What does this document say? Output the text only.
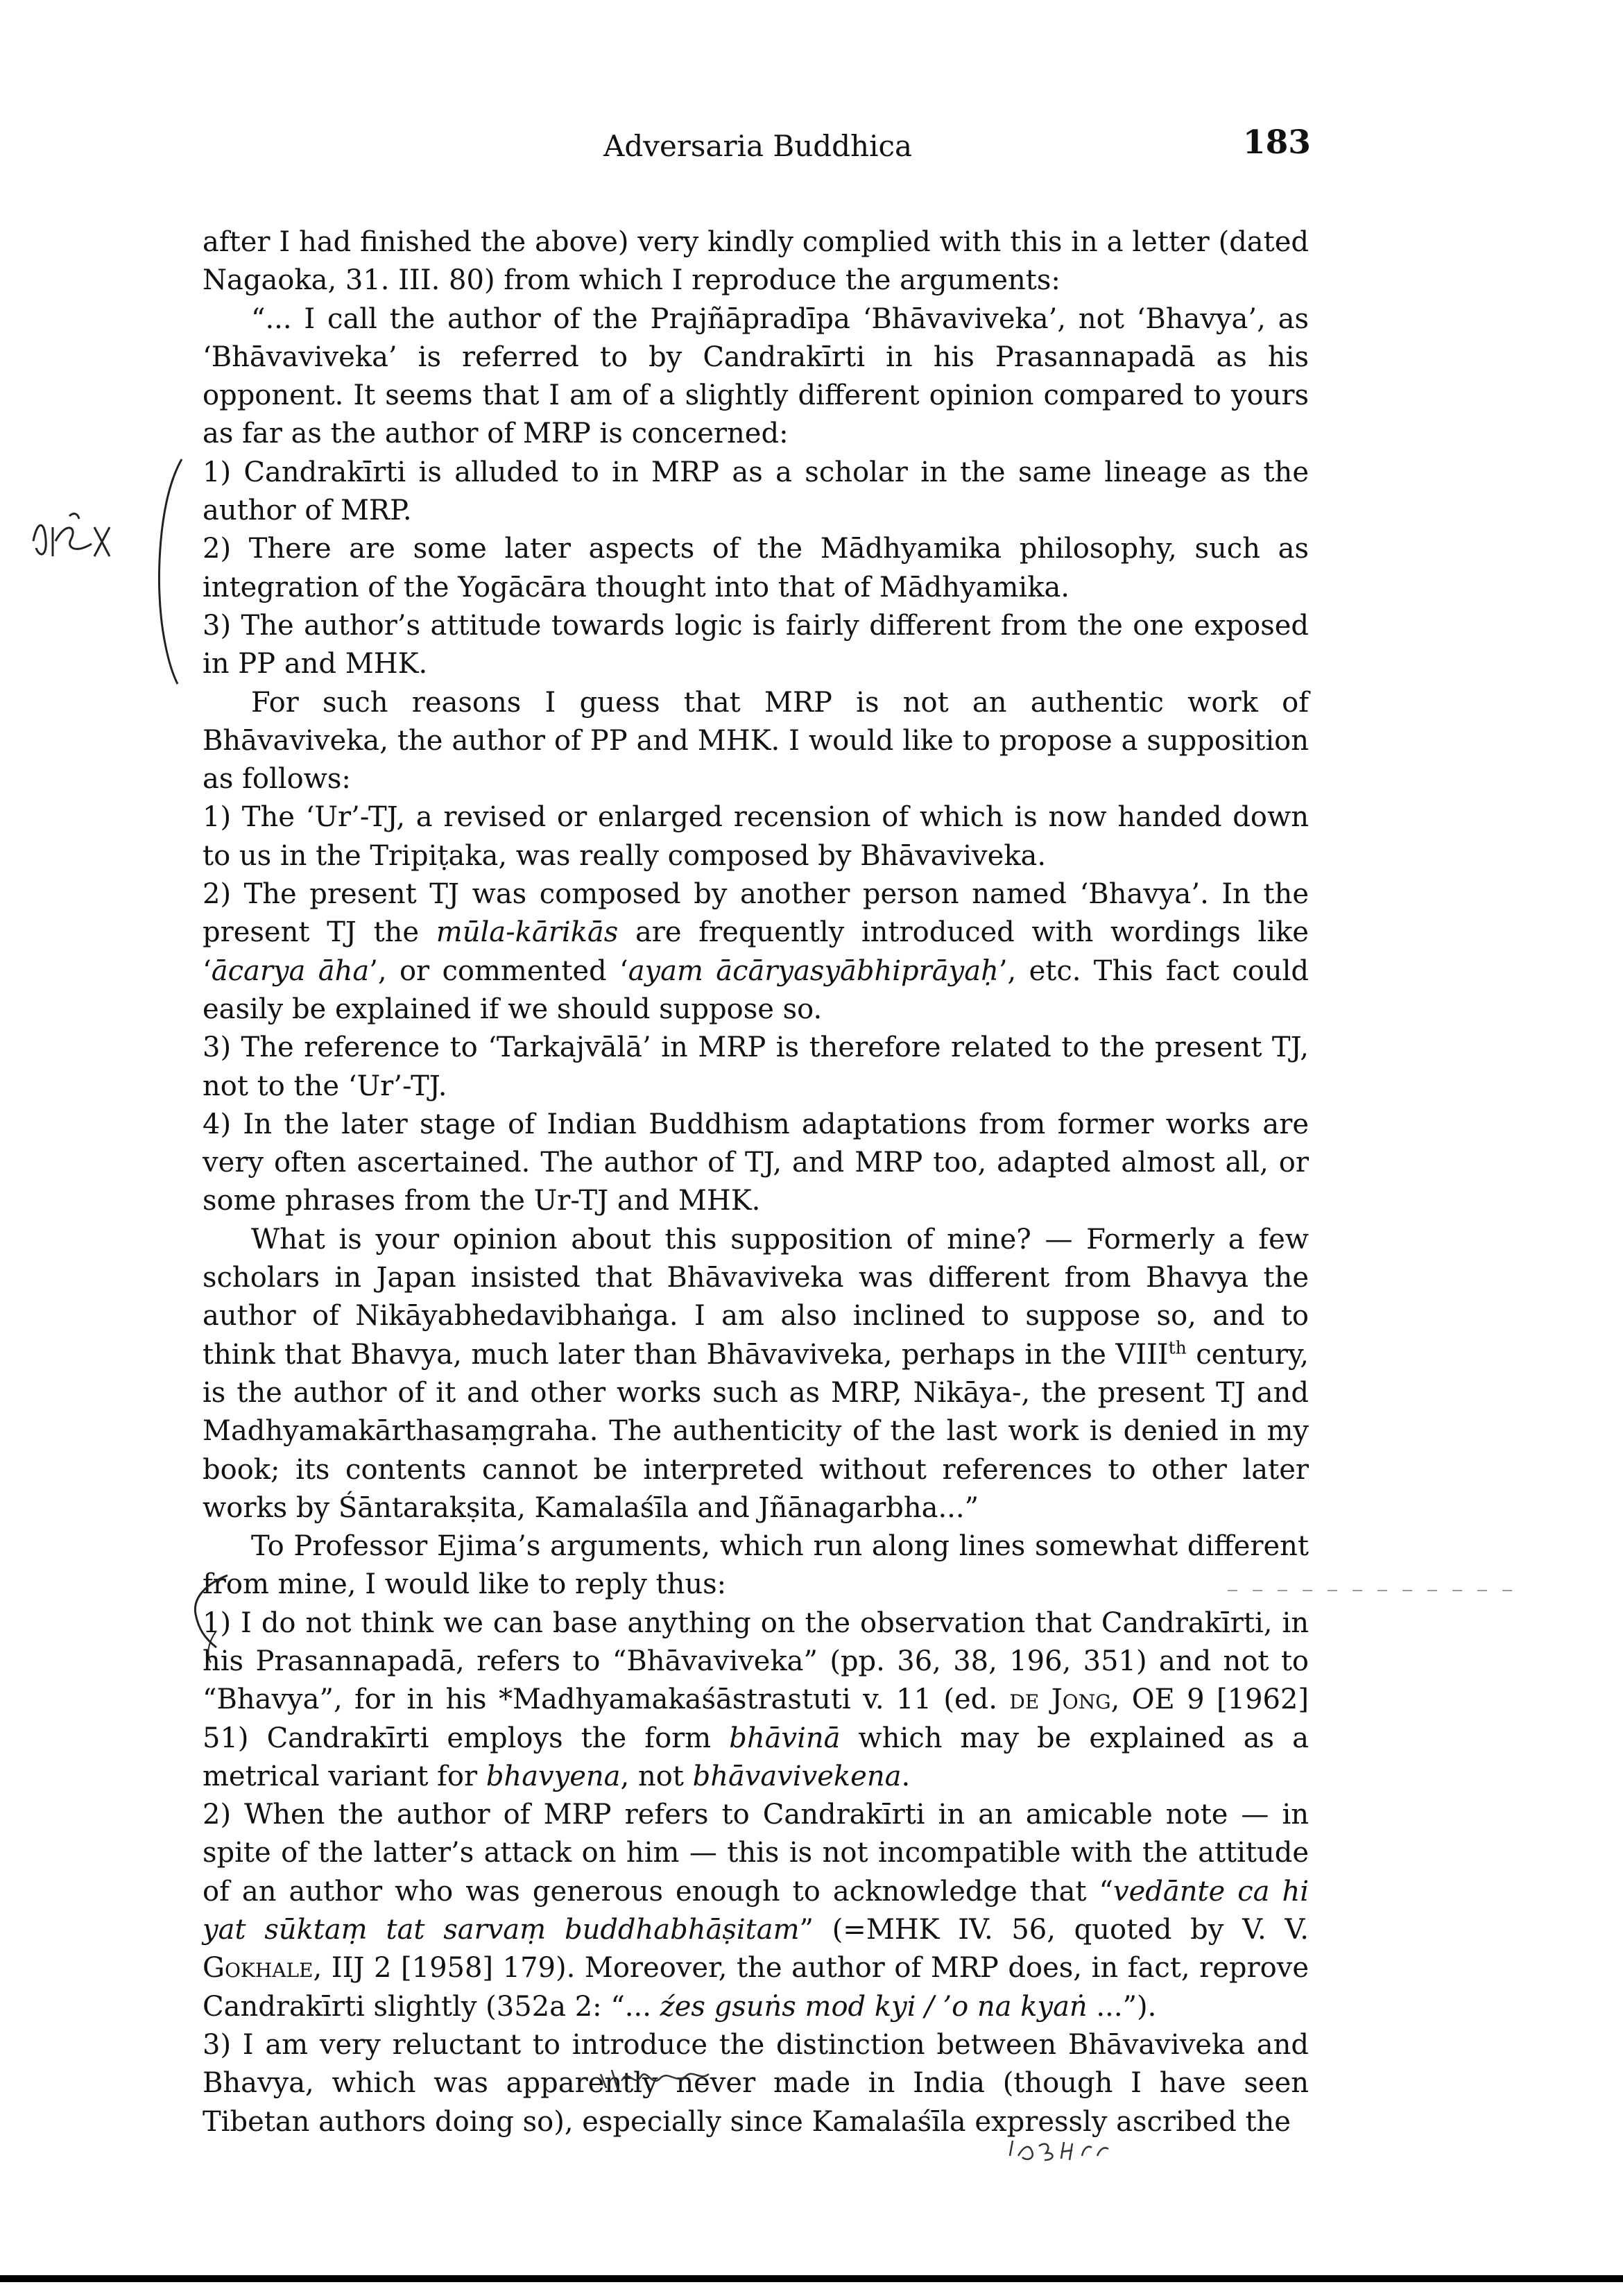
Adversaria Buddhica	183

after I had finished the above) very kindly complied with this in a letter (dated Nagaoka, 31. III. 80) from which I reproduce the arguments:

“... I call the author of the Prajñāpradīpa ‘Bhāvaviveka’, not ‘Bhavya’, as ‘Bhāvaviveka’ is referred to by Candrakīrti in his Prasannapadā as his opponent. It seems that I am of a slightly different opinion compared to yours as far as the author of MRP is concerned:

1) Candrakīrti is alluded to in MRP as a scholar in the same lineage as the author of MRP.

2) There are some later aspects of the Mādhyamika philosophy, such as integration of the Yogācāra thought into that of Mādhyamika.

3) The author’s attitude towards logic is fairly different from the one exposed in PP and MHK.

For such reasons I guess that MRP is not an authentic work of Bhāvaviveka, the author of PP and MHK. I would like to propose a supposition as follows:

1) The ‘Ur’-TJ, a revised or enlarged recension of which is now handed down to us in the Tripiṭaka, was really composed by Bhāvaviveka.

2) The present TJ was composed by another person named ‘Bhavya’. In the present TJ the mūla-kārikās are frequently introduced with wordings like ‘ācarya āha’, or commented ‘ayam ācāryasyābhiprāyaḥ’, etc. This fact could easily be explained if we should suppose so.

3) The reference to ‘Tarkajvālā’ in MRP is therefore related to the present TJ, not to the ‘Ur’-TJ.

4) In the later stage of Indian Buddhism adaptations from former works are very often ascertained. The author of TJ, and MRP too, adapted almost all, or some phrases from the Ur-TJ and MHK.

What is your opinion about this supposition of mine? — Formerly a few scholars in Japan insisted that Bhāvaviveka was different from Bhavya the author of Nikāyabhedavibhaṅga. I am also inclined to suppose so, and to think that Bhavya, much later than Bhāvaviveka, perhaps in the VIIIth century, is the author of it and other works such as MRP, Nikāya-, the present TJ and Madhyamakārthasaṃgraha. The authenticity of the last work is denied in my book; its contents cannot be interpreted without references to other later works by Śāntarakṣita, Kamalaśīla and Jñānagarbha...”

To Professor Ejima’s arguments, which run along lines somewhat different from mine, I would like to reply thus:

1) I do not think we can base anything on the observation that Candrakīrti, in his Prasannapadā, refers to “Bhāvaviveka” (pp. 36, 38, 196, 351) and not to “Bhavya”, for in his *Madhyamakaśāstrastuti v. 11 (ed. de Jong, OE 9 [1962] 51) Candrakīrti employs the form bhāvinā which may be explained as a metrical variant for bhavyena, not bhāvavivekena.

2) When the author of MRP refers to Candrakīrti in an amicable note — in spite of the latter’s attack on him — this is not incompatible with the attitude of an author who was generous enough to acknowledge that “vedānte ca hi yat sūktaṃ tat sarvaṃ buddhabhāṣitam” (=MHK IV. 56, quoted by V. V. Gokhale, IIJ 2 [1958] 179). Moreover, the author of MRP does, in fact, reprove Candrakīrti slightly (352a 2: “... źes gsuṅs mod kyi / ’o na kyaṅ ...”).

3) I am very reluctant to introduce the distinction between Bhāvaviveka and Bhavya, which was apparently never made in India (though I have seen Tibetan authors doing so), especially since Kamalaśīla expressly ascribed the
